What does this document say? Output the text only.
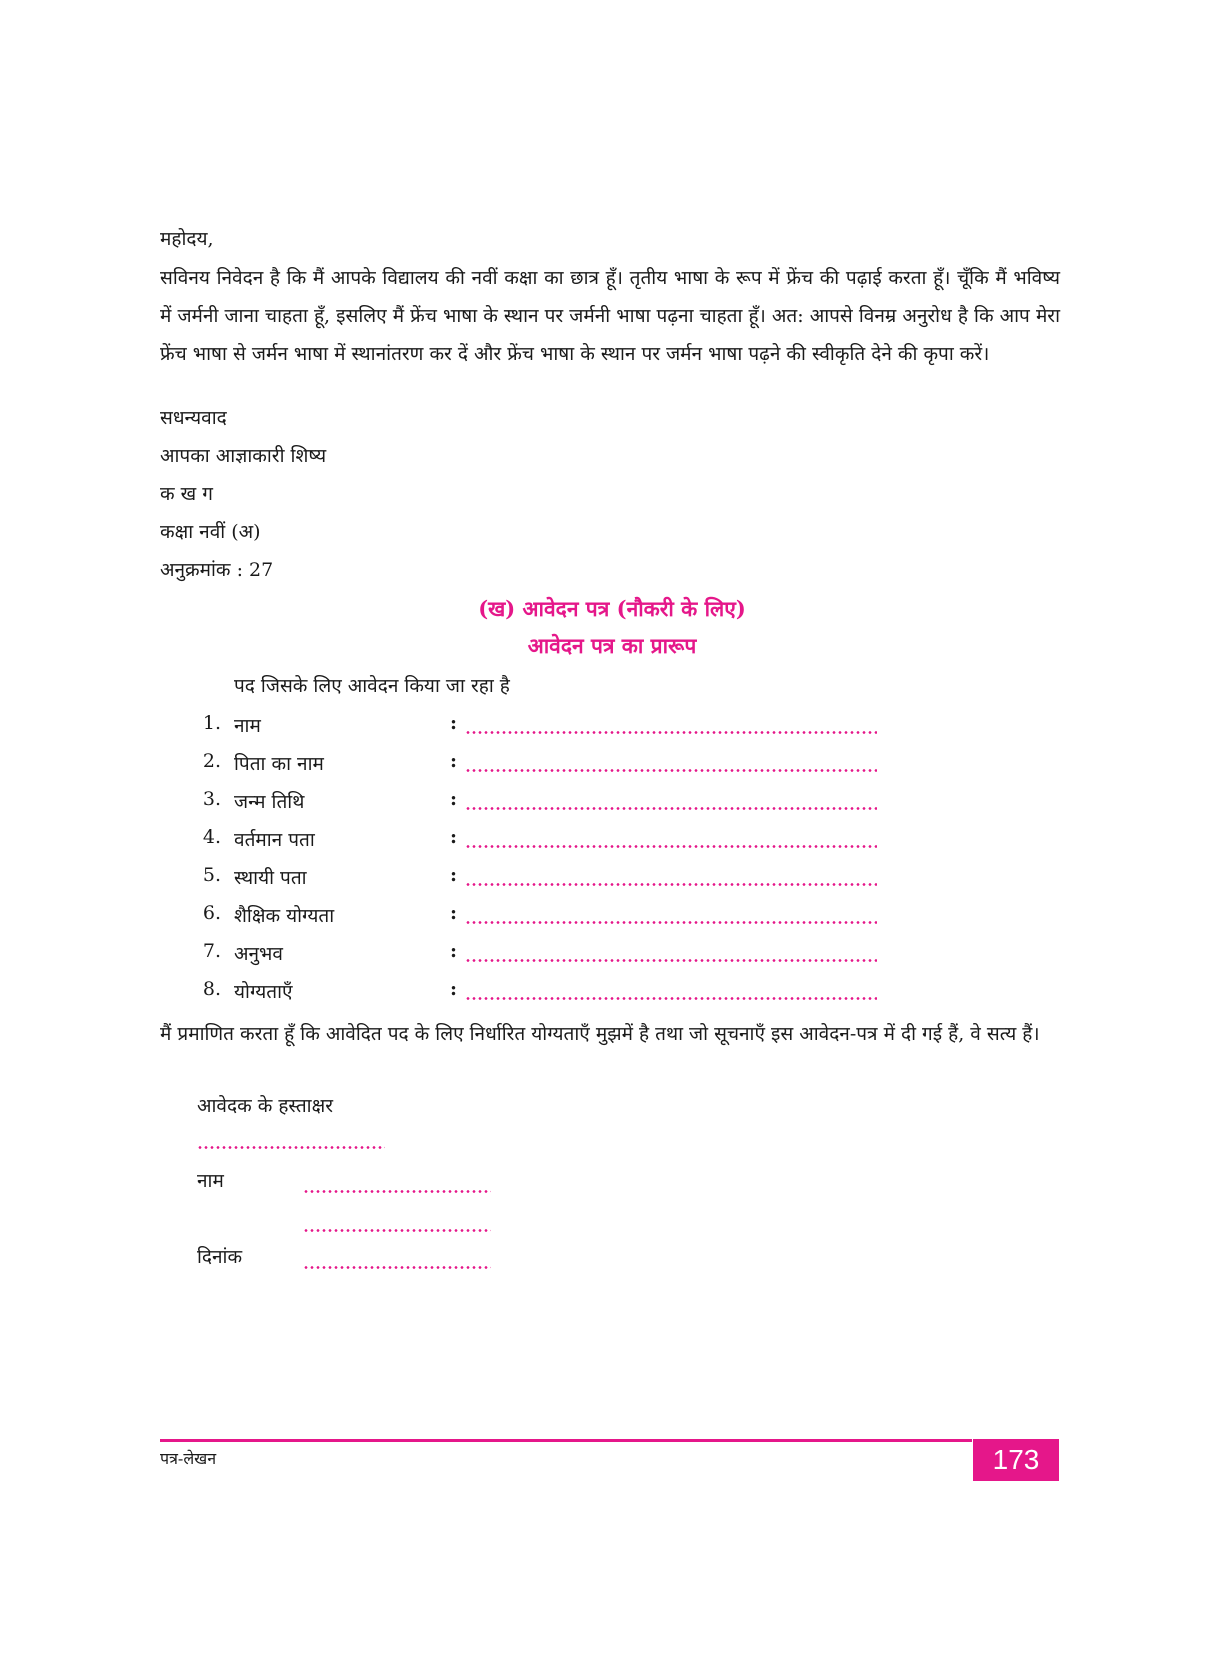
महोदय,
सविनय निवेदन है कि मैं आपके विद्यालय की नवीं कक्षा का छात्र हूँ। तृतीय भाषा के रूप में फ्रेंच की पढ़ाई करता हूँ। चूँकि मैं भविष्य में जर्मनी जाना चाहता हूँ, इसलिए मैं फ्रेंच भाषा के स्थान पर जर्मनी भाषा पढ़ना चाहता हूँ। अत: आपसे विनम्र अनुरोध है कि आप मेरा फ्रेंच भाषा से जर्मन भाषा में स्थानांतरण कर दें और फ्रेंच भाषा के स्थान पर जर्मन भाषा पढ़ने की स्वीकृति देने की कृपा करें।
सधन्यवाद
आपका आज्ञाकारी शिष्य
क ख ग
कक्षा नवीं (अ)
अनुक्रमांक : 27
(ख) आवेदन पत्र (नौकरी के लिए)
आवेदन पत्र का प्रारूप
पद जिसके लिए आवेदन किया जा रहा है
1. नाम	:
2. पिता का नाम	:
3. जन्म तिथि	:
4. वर्तमान पता	:
5. स्थायी पता	:
6. शैक्षिक योग्यता	:
7. अनुभव	:
8. योग्यताएँ	:
मैं प्रमाणित करता हूँ कि आवेदित पद के लिए निर्धारित योग्यताएँ मुझमें है तथा जो सूचनाएँ इस आवेदन-पत्र में दी गई हैं, वे सत्य हैं।
आवेदक के हस्ताक्षर
नाम
दिनांक
पत्र-लेखन	173
